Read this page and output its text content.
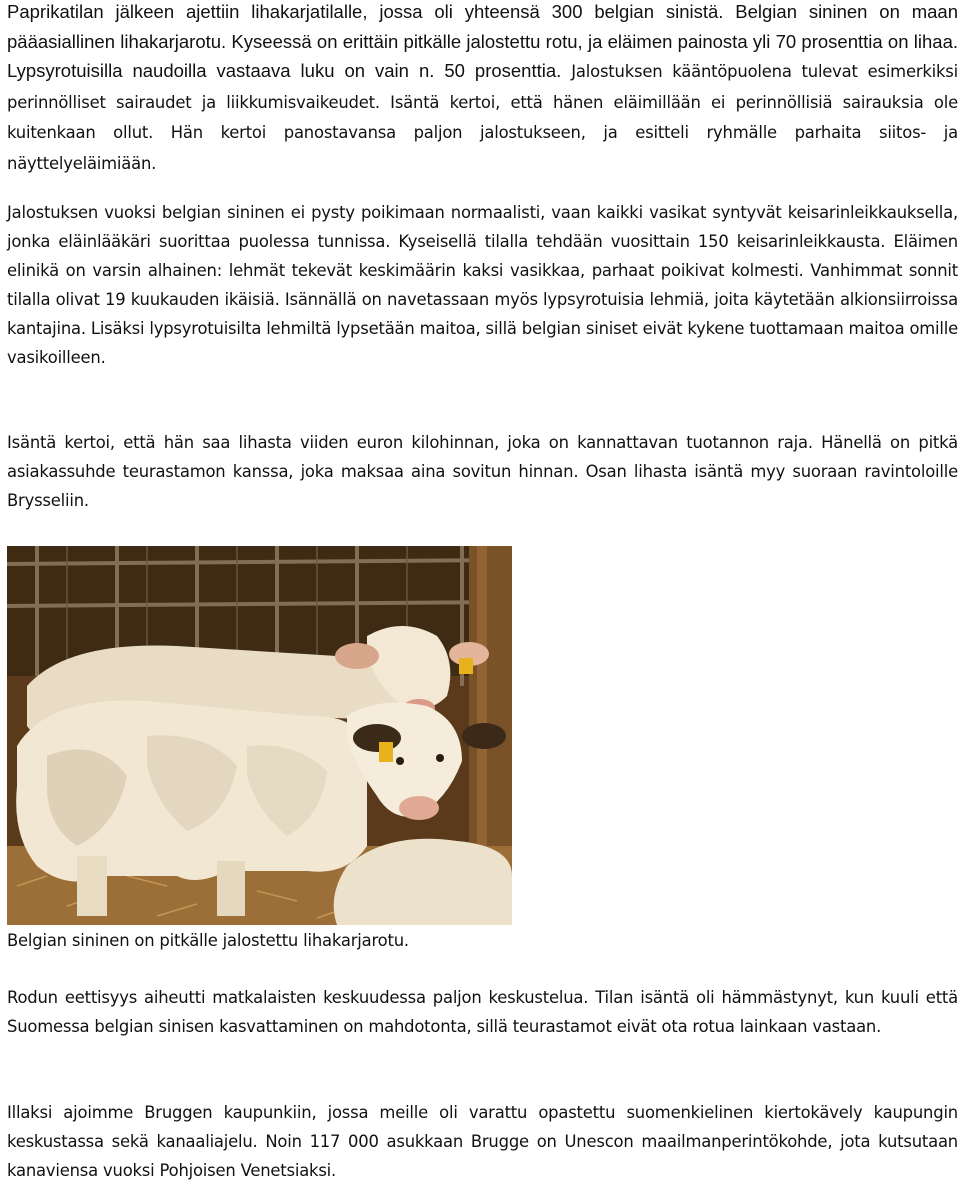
Paprikatilan jälkeen ajettiin lihakarjatilalle, jossa oli yhteensä 300 belgian sinistä. Belgian sininen on maan pääasiallinen lihakarjarotu. Kyseessä on erittäin pitkälle jalostettu rotu, ja eläimen painosta yli 70 prosenttia on lihaa. Lypsyrotuisilla naudoilla vastaava luku on vain n. 50 prosenttia. Jalostuksen kääntöpuolena tulevat esimerkiksi perinnölliset sairaudet ja liikkumisvaikeudet. Isäntä kertoi, että hänen eläimillään ei perinnöllisiä sairauksia ole kuitenkaan ollut. Hän kertoi panostavansa paljon jalostukseen, ja esitteli ryhmälle parhaita siitos- ja näyttelyeläimiään.

Jalostuksen vuoksi belgian sininen ei pysty poikimaan normaalisti, vaan kaikki vasikat syntyvät keisarinleikkauksella, jonka eläinlääkäri suorittaa puolessa tunnissa. Kyseisellä tilalla tehdään vuosittain 150 keisarinleikkausta. Eläimen elinikä on varsin alhainen: lehmät tekevät keskimäärin kaksi vasikkaa, parhaat poikivat kolmesti. Vanhimmat sonnit tilalla olivat 19 kuukauden ikäisiä. Isännällä on navetassaan myös lypsyrotuisia lehmiä, joita käytetään alkionsiirroissa kantajina. Lisäksi lypsyrotuisilta lehmiltä lypsetään maitoa, sillä belgian siniset eivät kykene tuottamaan maitoa omille vasikoilleen.

Isäntä kertoi, että hän saa lihasta viiden euron kilohinnan, joka on kannattavan tuotannon raja. Hänellä on pitkä asiakassuhde teurastamon kanssa, joka maksaa aina sovitun hinnan. Osan lihasta isäntä myy suoraan ravintoloille Brysseliin.

Belgian sininen on pitkälle jalostettu lihakarjarotu.

Rodun eettisyys aiheutti matkalaisten keskuudessa paljon keskustelua. Tilan isäntä oli hämmästynyt, kun kuuli että Suomessa belgian sinisen kasvattaminen on mahdotonta, sillä teurastamot eivät ota rotua lainkaan vastaan.

Illaksi ajoimme Bruggen kaupunkiin, jossa meille oli varattu opastettu suomenkielinen kiertokävely kaupungin keskustassa sekä kanaaliajelu. Noin 117 000 asukkaan Brugge on Unescon maailmanperintökohde, jota kutsutaan kanaviensa vuoksi Pohjoisen Venetsiaksi.
